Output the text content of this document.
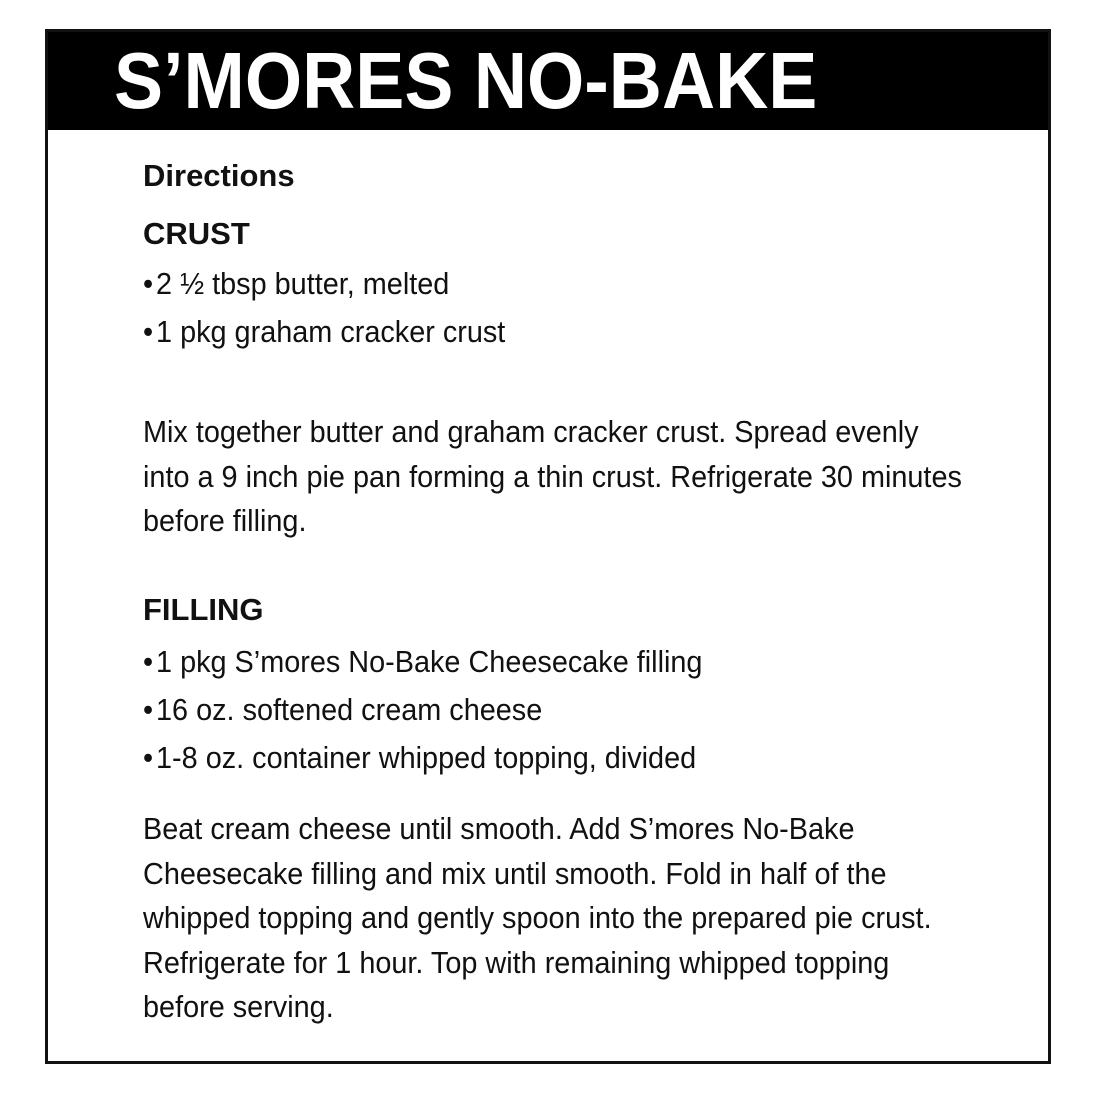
S’MORES NO-BAKE
Directions
CRUST
•2 ½ tbsp butter, melted
•1 pkg graham cracker crust

Mix together butter and graham cracker crust. Spread evenly
into a 9 inch pie pan forming a thin crust. Refrigerate 30 minutes
before filling.

FILLING
•1 pkg S’mores No-Bake Cheesecake filling
•16 oz. softened cream cheese
•1-8 oz. container whipped topping, divided

Beat cream cheese until smooth. Add S’mores No-Bake
Cheesecake filling and mix until smooth. Fold in half of the
whipped topping and gently spoon into the prepared pie crust.
Refrigerate for 1 hour. Top with remaining whipped topping
before serving.
